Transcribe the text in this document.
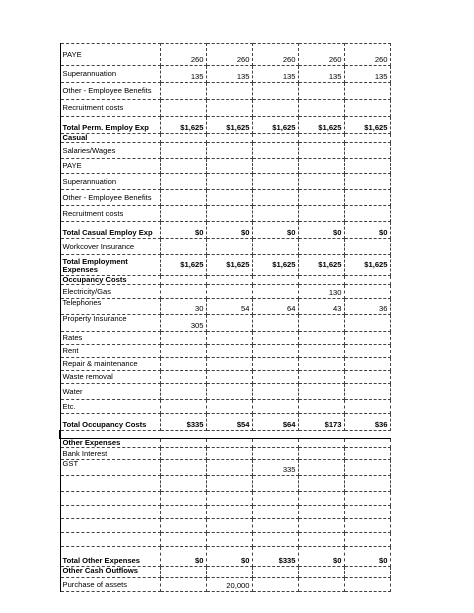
PAYE	260	260	260	260	260
Superannuation	135	135	135	135	135
Other - Employee Benefits					
Recruitment costs					
Total Perm. Employ Exp	$1,625	$1,625	$1,625	$1,625	$1,625
Casual					
Salaries/Wages					
PAYE					
Superannuation					
Other - Employee Benefits					
Recruitment costs					
Total Casual Employ Exp	$0	$0	$0	$0	$0
Workcover Insurance					
Total Employment Expenses	$1,625	$1,625	$1,625	$1,625	$1,625
Occupancy Costs					
Electricity/Gas				130	
Telephones	30	54	64	43	36
Property Insurance	305				
Rates					
Rent					
Repair & maintenance					
Waste removal					
Water					
Etc.					
Total Occupancy Costs	$335	$54	$64	$173	$36

Other Expenses					
Bank Interest					
GST			335		

Total Other Expenses	$0	$0	$335	$0	$0
Other Cash Outflows					
Purchase of assets		20,000			
